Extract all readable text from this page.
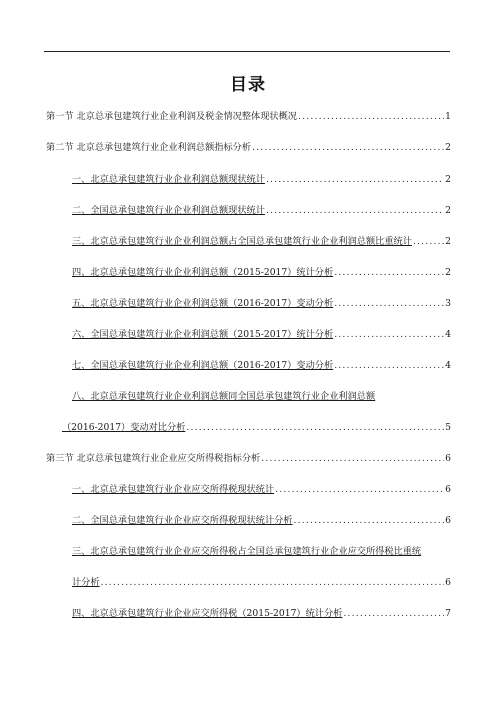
目录
第一节 北京总承包建筑行业企业利润及税金情况整体现状概况 .....	1
第二节 北京总承包建筑行业企业利润总额指标分析 .....	2
一、北京总承包建筑行业企业利润总额现状统计 .....	2
二、全国总承包建筑行业企业利润总额现状统计 .....	2
三、北京总承包建筑行业企业利润总额占全国总承包建筑行业企业利润总额比重统计 .....	2
四、北京总承包建筑行业企业利润总额（2015-2017）统计分析 .....	2
五、北京总承包建筑行业企业利润总额（2016-2017）变动分析 .....	3
六、全国总承包建筑行业企业利润总额（2015-2017）统计分析 .....	4
七、全国总承包建筑行业企业利润总额（2016-2017）变动分析 .....	4
八、北京总承包建筑行业企业利润总额同全国总承包建筑行业企业利润总额
（2016-2017）变动对比分析 .....	5
第三节 北京总承包建筑行业企业应交所得税指标分析 .....	6
一、北京总承包建筑行业企业应交所得税现状统计 .....	6
二、全国总承包建筑行业企业应交所得税现状统计分析 .....	6
三、北京总承包建筑行业企业应交所得税占全国总承包建筑行业企业应交所得税比重统
计分析 .....	6
四、北京总承包建筑行业企业应交所得税（2015-2017）统计分析 .....	7
